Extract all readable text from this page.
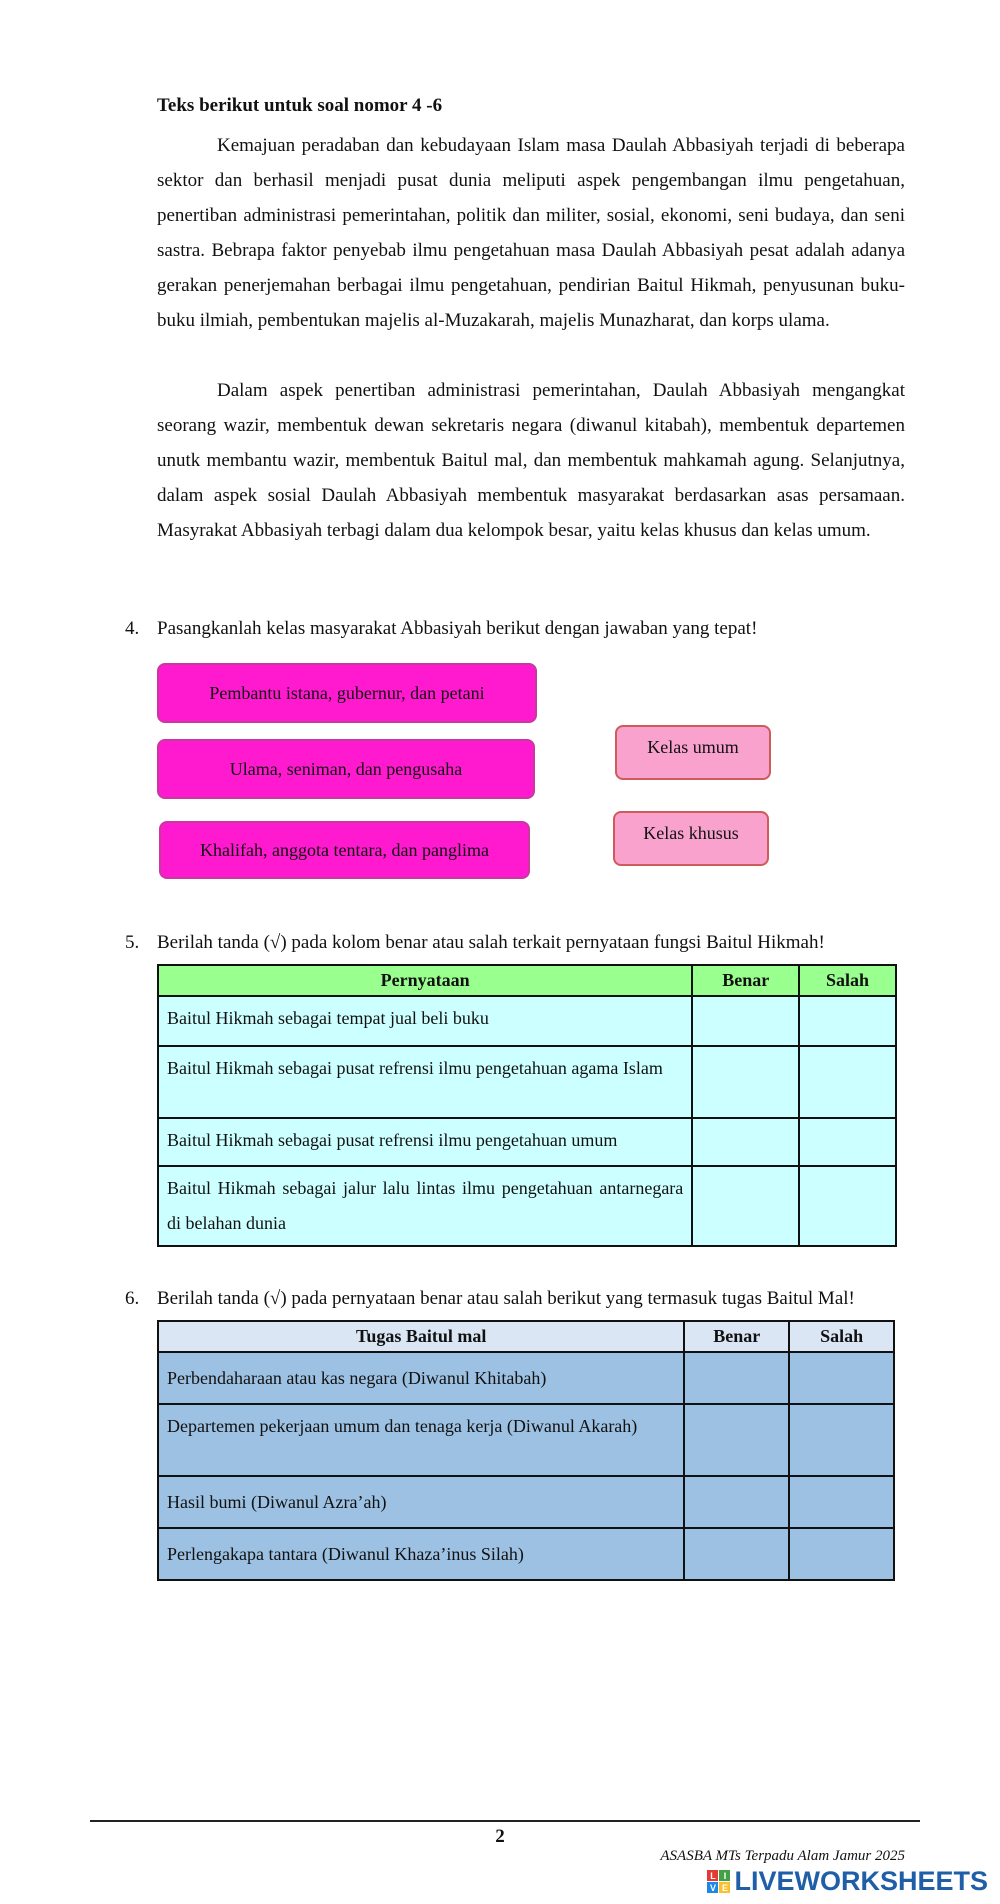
Teks berikut untuk soal nomor 4 -6

Kemajuan peradaban dan kebudayaan Islam masa Daulah Abbasiyah terjadi di beberapa sektor dan berhasil menjadi pusat dunia meliputi aspek pengembangan ilmu pengetahuan, penertiban administrasi pemerintahan, politik dan militer, sosial, ekonomi, seni budaya, dan seni sastra. Bebrapa faktor penyebab ilmu pengetahuan masa Daulah Abbasiyah pesat adalah adanya gerakan penerjemahan berbagai ilmu pengetahuan, pendirian Baitul Hikmah, penyusunan buku-buku ilmiah, pembentukan majelis al-Muzakarah, majelis Munazharat, dan korps ulama.

Dalam aspek penertiban administrasi pemerintahan, Daulah Abbasiyah mengangkat seorang wazir, membentuk dewan sekretaris negara (diwanul kitabah), membentuk departemen unutk membantu wazir, membentuk Baitul mal, dan membentuk mahkamah agung. Selanjutnya, dalam aspek sosial Daulah Abbasiyah membentuk masyarakat berdasarkan asas persamaan. Masyrakat Abbasiyah terbagi dalam dua kelompok besar, yaitu kelas khusus dan kelas umum.

4. Pasangkanlah kelas masyarakat Abbasiyah berikut dengan jawaban yang tepat!
Pembantu istana, gubernur, dan petani
Ulama, seniman, dan pengusaha
Khalifah, anggota tentara, dan panglima
Kelas umum
Kelas khusus
5. Berilah tanda (√) pada kolom benar atau salah terkait pernyataan fungsi Baitul Hikmah!
Pernyataan	Benar	Salah
Baitul Hikmah sebagai tempat jual beli buku		
Baitul Hikmah sebagai pusat refrensi ilmu pengetahuan agama Islam		
Baitul Hikmah sebagai pusat refrensi ilmu pengetahuan umum		
Baitul Hikmah sebagai jalur lalu lintas ilmu pengetahuan antarnegara di belahan dunia		
6. Berilah tanda (√) pada pernyataan benar atau salah berikut yang termasuk tugas Baitul Mal!
Tugas Baitul mal	Benar	Salah
Perbendaharaan atau kas negara (Diwanul Khitabah)		
Departemen pekerjaan umum dan tenaga kerja (Diwanul Akarah)		
Hasil bumi (Diwanul Azra’ah)		
Perlengakapa tantara (Diwanul Khaza’inus Silah)		
2
ASASBA MTs Terpadu Alam Jamur 2025
L I
V E LIVEWORKSHEETS
